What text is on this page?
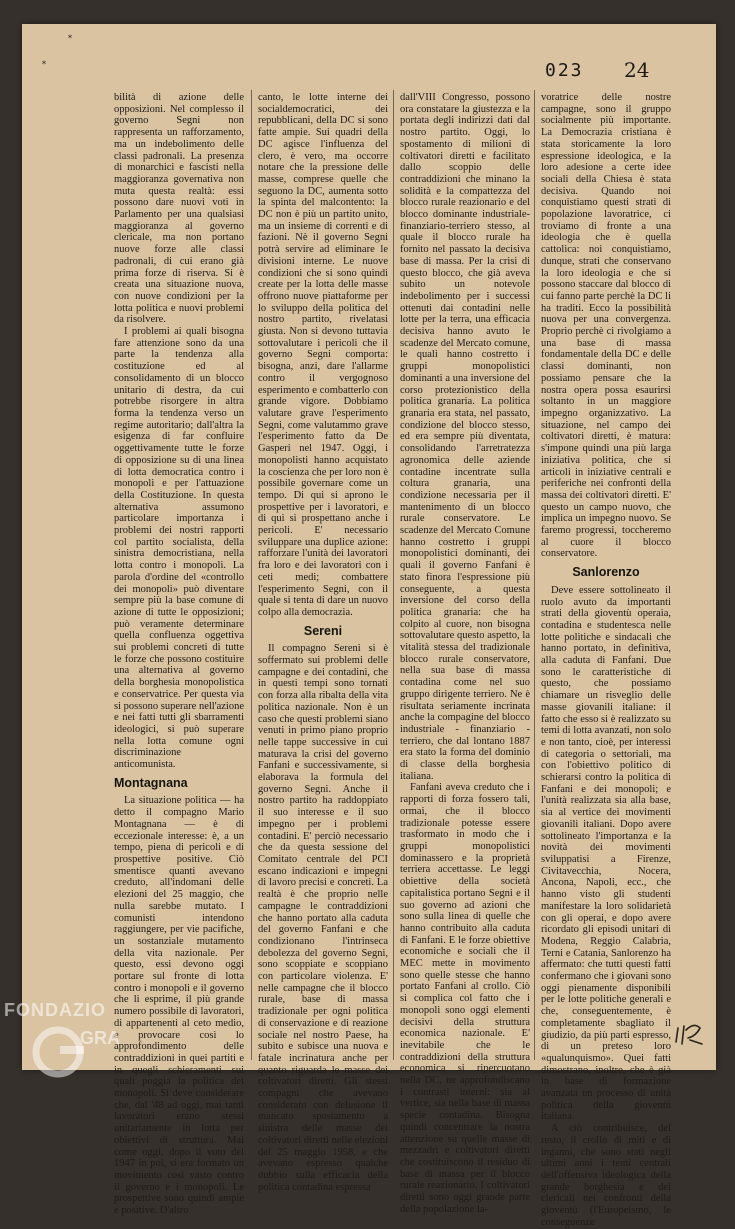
*
*	023 24

bilità di azione delle opposizioni. Nel complesso il governo Segni non rappresenta un rafforzamento, ma un indebolimento delle classi padronali. La presenza di monarchici e fascisti nella maggioranza governativa non muta questa realtà: essi possono dare nuovi voti in Parlamento per una qualsiasi maggioranza al governo clericale, ma non portano nuove forze alle classi padronali, di cui erano già prima forze di riserva. Si è creata una situazione nuova, con nuove condizioni per la lotta politica e nuovi problemi da risolvere.

I problemi ai quali bisogna fare attenzione sono da una parte la tendenza alla costituzione ed al consolidamento di un blocco unitario di destra, da cui potrebbe risorgere in altra forma la tendenza verso un regime autoritario; dall'altra la esigenza di far confluire oggettivamente tutte le forze di opposizione su di una linea di lotta democratica contro i monopoli e per l'attuazione della Costituzione. In questa alternativa assumono particolare importanza i problemi dei nostri rapporti col partito socialista, della sinistra democristiana, nella lotta contro i monopoli. La parola d'ordine del «controllo dei monopoli» può diventare sempre più la base comune di azione di tutte le opposizioni; può veramente determinare quella confluenza oggettiva sui problemi concreti di tutte le forze che possono costituire una alternativa al governo della borghesia monopolistica e conservatrice. Per questa via si possono superare nell'azione e nei fatti tutti gli sbarramenti ideologici, si può superare nella lotta comune ogni discriminazione anticomunista.

Montagnana

La situazione politica — ha detto il compagno Mario Montagnana — è di eccezionale interesse: è, a un tempo, piena di pericoli e di prospettive positive. Ciò smentisce quanti avevano creduto, all'indomani delle elezioni del 25 maggio, che nulla sarebbe mutato. I comunisti intendono raggiungere, per vie pacifiche, un sostanziale mutamento della vita nazionale. Per questo, essi devono oggi portare sul fronte di lotta contro i monopoli e il governo che li esprime, il più grande numero possibile di lavoratori, di appartenenti al ceto medio, e provocare così lo approfondimento delle contraddizioni in quei partiti e in quegli schieramenti sui quali poggia la politica dei monopoli. Si deve considerare che, dal '48 ad oggi, mai tanti lavoratori erano stessi unitariamente in lotta per obiettivi di struttura. Mai come oggi, dopo il voto del 1947 in poi, si era formato un movimento così vasto contro il governo e i monopoli. Le prospettive sono quindi ampie e positive. D'altro

canto, le lotte interne dei socialdemocratici, dei repubblicani, della DC si sono fatte ampie. Sui quadri della DC agisce l'influenza del clero, è vero, ma occorre notare che la pressione delle masse, comprese quelle che seguono la DC, aumenta sotto la spinta del malcontento: la DC non è più un partito unito, ma un insieme di correnti e di fazioni. Nè il governo Segni potrà servire ad eliminare le divisioni interne. Le nuove condizioni che si sono quindi create per la lotta delle masse offrono nuove piattaforme per lo sviluppo della politica del nostro partito, rivelatasi giusta. Non si devono tuttavia sottovalutare i pericoli che il governo Segni comporta: bisogna, anzi, dare l'allarme contro il vergognoso esperimento e combatterlo con grande vigore. Dobbiamo valutare grave l'esperimento Segni, come valutammo grave l'esperimento fatto da De Gasperi nel 1947. Oggi, i monopolisti hanno acquistato la coscienza che per loro non è possibile governare come un tempo. Di qui si aprono le prospettive per i lavoratori, e di qui si prospettano anche i pericoli. E' necessario sviluppare una duplice azione: rafforzare l'unità dei lavoratori fra loro e dei lavoratori con i ceti medi; combattere l'esperimento Segni, con il quale si tenta di dare un nuovo colpo alla democrazia.

Sereni

Il compagno Sereni si è soffermato sui problemi delle campagne e dei contadini, che in questi tempi sono tornati con forza alla ribalta della vita politica nazionale. Non è un caso che questi problemi siano venuti in primo piano proprio nelle tappe successive in cui maturava la crisi del governo Fanfani e successivamente, si elaborava la formula del governo Segni. Anche il nostro partito ha raddoppiato il suo interesse e il suo impegno per i problemi contadini. E' perciò necessario che da questa sessione del Comitato centrale del PCI escano indicazioni e impegni di lavoro precisi e concreti. La realtà è che proprio nelle campagne le contraddizioni che hanno portato alla caduta del governo Fanfani e che condizionano l'intrinseca debolezza del governo Segni, sono scoppiate e scoppiano con particolare violenza. E' nelle campagne che il blocco rurale, base di massa tradizionale per ogni politica di conservazione e di reazione sociale nel nostro Paese, ha subito e subisce una nuova e fatale incrinatura anche per quanto riguarda le masse dei coltivatori diretti. Gli stessi compagni che avevano considerato con delusione il mancato spostamento a sinistra delle masse dei coltivatori diretti nelle elezioni del 25 maggio 1958, e che avevano espresso qualche dubbio sulla efficacia della politica contadina espressa

dall'VIII Congresso, possono ora constatare la giustezza e la portata degli indirizzi dati dal nostro partito. Oggi, lo spostamento di milioni di coltivatori diretti e facilitato dallo scoppio delle contraddizioni che minano la solidità e la compattezza del blocco rurale reazionario e del blocco dominante industriale-finanziario-terriero stesso, al quale il blocco rurale ha fornito nel passato la decisiva base di massa. Per la crisi di questo blocco, che già aveva subito un notevole indebolimento per i successi ottenuti dai contadini nelle lotte per la terra, una efficacia decisiva hanno avuto le scadenze del Mercato comune, le quali hanno costretto i gruppi monopolistici dominanti a una inversione del corso protezionistico della politica granaria. La politica granaria era stata, nel passato, condizione del blocco stesso, ed era sempre più diventata, consolidando l'arretratezza agronomica delle aziende contadine incentrate sulla coltura granaria, una condizione necessaria per il mantenimento di un blocco rurale conservatore. Le scadenze del Mercato Comune hanno costretto i gruppi monopolistici dominanti, dei quali il governo Fanfani è stato finora l'espressione più conseguente, a questa inversione del corso della politica granaria: che ha colpito al cuore, non bisogna sottovalutare questo aspetto, la vitalità stessa del tradizionale blocco rurale conservatore, nella sua base di massa contadina come nel suo gruppo dirigente terriero. Ne è risultata seriamente incrinata anche la compagine del blocco industriale - finanziario - terriero, che dal lontano 1887 era stato la forma del dominio di classe della borghesia italiana.

Fanfani aveva creduto che i rapporti di forza fossero tali, ormai, che il blocco tradizionale potesse essere trasformato in modo che i gruppi monopolistici dominassero e la proprietà terriera accettasse. Le leggi obiettive della società capitalistica portano Segni e il suo governo ad azioni che sono sulla linea di quelle che hanno contribuito alla caduta di Fanfani. E le forze obiettive economiche e sociali che il MEC mette in movimento sono quelle stesse che hanno portato Fanfani al crollo. Ciò si complica col fatto che i monopoli sono oggi elementi decisivi della struttura economica nazionale. E' inevitabile che le contraddizioni della struttura economica si ripercuotano nella DC, ne approfondiscano i contrasti interni: sia al vertice, sia nella base di massa specie contadina. Bisogna quindi concentrare la nostra attenzione su quelle masse di mezzadri e coltivatori diretti che costituiscono il residuo di base di massa per il blocco rurale reazionario. I coltivatori diretti sono oggi grande parte della popolazione la-

voratrice delle nostre campagne, sono il gruppo socialmente più importante. La Democrazia cristiana è stata storicamente la loro espressione ideologica, e la loro adesione a certe idee sociali della Chiesa è stata decisiva. Quando noi conquistiamo questi strati di popolazione lavoratrice, ci troviamo di fronte a una ideologia che è quella cattolica: noi conquistiamo, dunque, strati che conservano la loro ideologia e che si possono staccare dal blocco di cui fanno parte perchè la DC li ha traditi. Ecco la possibilità nuova per una convergenza. Proprio perchè ci rivolgiamo a una base di massa fondamentale della DC e delle classi dominanti, non possiamo pensare che la nostra opera possa esaurirsi soltanto in un maggiore impegno organizzativo. La situazione, nel campo dei coltivatori diretti, è matura: s'impone quindi una più larga iniziativa politica, che si articoli in iniziative centrali e periferiche nei confronti della massa dei coltivatori diretti. E' questo un campo nuovo, che implica un impegno nuovo. Se faremo progressi, toccheremo al cuore il blocco conservatore.

Sanlorenzo

Deve essere sottolineato il ruolo avuto da importanti strati della gioventù operaia, contadina e studentesca nelle lotte politiche e sindacali che hanno portato, in definitiva, alla caduta di Fanfani. Due sono le caratteristiche di questo, che possiamo chiamare un risveglio delle masse giovanili italiane: il fatto che esso si è realizzato su temi di lotta avanzati, non solo e non tanto, cioè, per interessi di categoria o settoriali, ma con l'obiettivo politico di schierarsi contro la politica di Fanfani e dei monopoli; e l'unità realizzata sia alla base, sia al vertice dei movimenti giovanili italiani. Dopo avere sottolineato l'importanza e la novità dei movimenti sviluppatisi a Firenze, Civitavecchia, Nocera, Ancona, Napoli, ecc., che hanno visto gli studenti manifestare la loro solidarietà con gli operai, e dopo avere ricordato gli episodi unitari di Modena, Reggio Calabria, Terni e Catania, Sanlorenzo ha affermato: che tutti questi fatti confermano che i giovani sono oggi pienamente disponibili per le lotte politiche generali e che, conseguentemente, è completamente sbagliato il giudizio, da più parti espresso, di un preteso loro «qualunquismo». Quei fatti dimostrano, inoltre, che è già in base di formazione avanzata un processo di unità politica della gioventù italiana.

A ciò contribuisce, del resto, il crollo di miti e di inganni, che sono stati negli ultimi anni i temi centrali dell'offensiva ideologica della grande borghesia e dei clericali nei confronti della gioventù (l'Europeismo, le conseguenze

FONDAZIO
GRA
